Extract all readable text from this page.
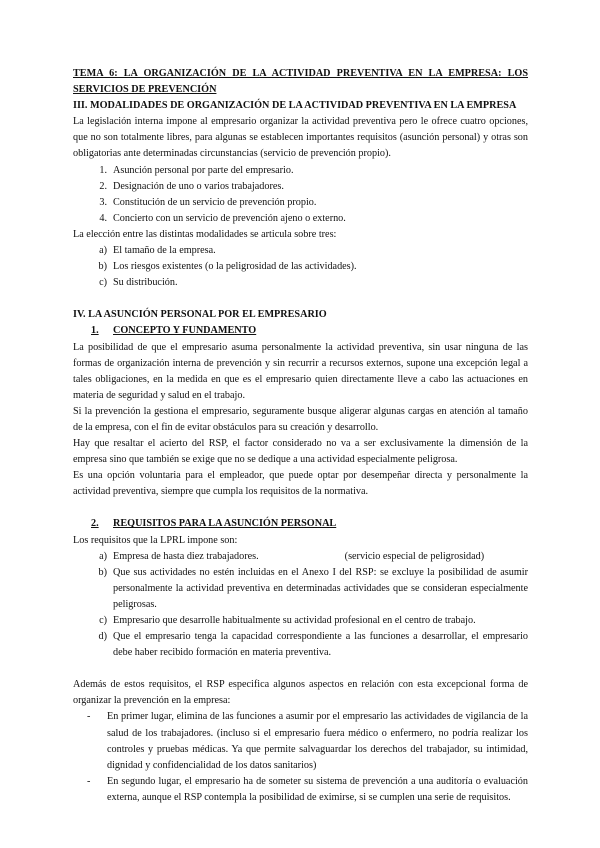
TEMA 6: LA ORGANIZACIÓN DE LA ACTIVIDAD PREVENTIVA EN LA EMPRESA: LOS SERVICIOS DE PREVENCIÓN

III. MODALIDADES DE ORGANIZACIÓN DE LA ACTIVIDAD PREVENTIVA EN LA EMPRESA

La legislación interna impone al empresario organizar la actividad preventiva pero le ofrece cuatro opciones, que no son totalmente libres, para algunas se establecen importantes requisitos (asunción personal) y otras son obligatorias ante determinadas circunstancias (servicio de prevención propio).

1. Asunción personal por parte del empresario.
2. Designación de uno o varios trabajadores.
3. Constitución de un servicio de prevención propio.
4. Concierto con un servicio de prevención ajeno o externo.

La elección entre las distintas modalidades se articula sobre tres:

a) El tamaño de la empresa.
b) Los riesgos existentes (o la peligrosidad de las actividades).
c) Su distribución.

IV. LA ASUNCIÓN PERSONAL POR EL EMPRESARIO

1.	CONCEPTO Y FUNDAMENTO

La posibilidad de que el empresario asuma personalmente la actividad preventiva, sin usar ninguna de las formas de organización interna de prevención y sin recurrir a recursos externos, supone una excepción legal a tales obligaciones, en la medida en que es el empresario quien directamente lleve a cabo las actuaciones en materia de seguridad y salud en el trabajo.

Si la prevención la gestiona el empresario, seguramente busque aligerar algunas cargas en atención al tamaño de la empresa, con el fin de evitar obstáculos para su creación y desarrollo.

Hay que resaltar el acierto del RSP, el factor considerado no va a ser exclusivamente la dimensión de la empresa sino que también se exige que no se dedique a una actividad especialmente peligrosa.

Es una opción voluntaria para el empleador, que puede optar por desempeñar directa y personalmente la actividad preventiva, siempre que cumpla los requisitos de la normativa.

2.	REQUISITOS PARA LA ASUNCIÓN PERSONAL

Los requisitos que la LPRL impone son:

a) Empresa de hasta diez trabajadores.	(servicio especial de peligrosidad)
b) Que sus actividades no estén incluidas en el Anexo I del RSP: se excluye la posibilidad de asumir personalmente la actividad preventiva en determinadas actividades que se consideran especialmente peligrosas.
c) Empresario que desarrolle habitualmente su actividad profesional en el centro de trabajo.
d) Que el empresario tenga la capacidad correspondiente a las funciones a desarrollar, el empresario debe haber recibido formación en materia preventiva.

Además de estos requisitos, el RSP especifica algunos aspectos en relación con esta excepcional forma de organizar la prevención en la empresa:

-	En primer lugar, elimina de las funciones a asumir por el empresario las actividades de vigilancia de la salud de los trabajadores. (incluso si el empresario fuera médico o enfermero, no podría realizar los controles y pruebas médicas. Ya que permite salvaguardar los derechos del trabajador, su intimidad, dignidad y confidencialidad de los datos sanitarios)
-	En segundo lugar, el empresario ha de someter su sistema de prevención a una auditoría o evaluación externa, aunque el RSP contempla la posibilidad de eximirse, si se cumplen una serie de requisitos.
